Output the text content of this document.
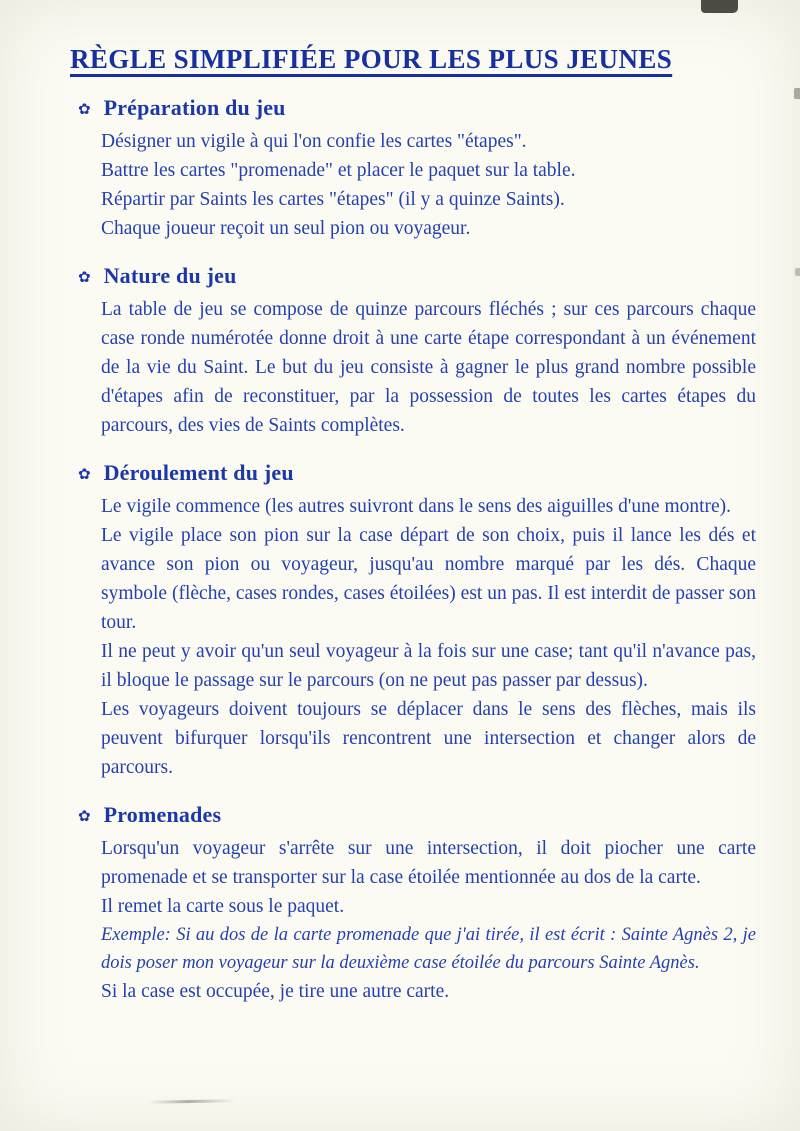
RÈGLE SIMPLIFIÉE POUR LES PLUS JEUNES
✿ Préparation du jeu

Désigner un vigile à qui l'on confie les cartes "étapes".

Battre les cartes "promenade" et placer le paquet sur la table.

Répartir par Saints les cartes "étapes" (il y a quinze Saints).

Chaque joueur reçoit un seul pion ou voyageur.

✿ Nature du jeu

La table de jeu se compose de quinze parcours fléchés ; sur ces parcours chaque case ronde numérotée donne droit à une carte étape correspondant à un événement de la vie du Saint. Le but du jeu consiste à gagner le plus grand nombre possible d'étapes afin de reconstituer, par la possession de toutes les cartes étapes du parcours, des vies de Saints complètes.

✿ Déroulement du jeu

Le vigile commence (les autres suivront dans le sens des aiguilles d'une montre).

Le vigile place son pion sur la case départ de son choix, puis il lance les dés et avance son pion ou voyageur, jusqu'au nombre marqué par les dés. Chaque symbole (flèche, cases rondes, cases étoilées) est un pas. Il est interdit de passer son tour.

Il ne peut y avoir qu'un seul voyageur à la fois sur une case; tant qu'il n'avance pas, il bloque le passage sur le parcours (on ne peut pas passer par dessus).

Les voyageurs doivent toujours se déplacer dans le sens des flèches, mais ils peuvent bifurquer lorsqu'ils rencontrent une intersection et changer alors de parcours.

✿ Promenades

Lorsqu'un voyageur s'arrête sur une intersection, il doit piocher une carte promenade et se transporter sur la case étoilée mentionnée au dos de la carte.

Il remet la carte sous le paquet.

Exemple: Si au dos de la carte promenade que j'ai tirée, il est écrit : Sainte Agnès 2, je dois poser mon voyageur sur la deuxième case étoilée du parcours Sainte Agnès.

Si la case est occupée, je tire une autre carte.
